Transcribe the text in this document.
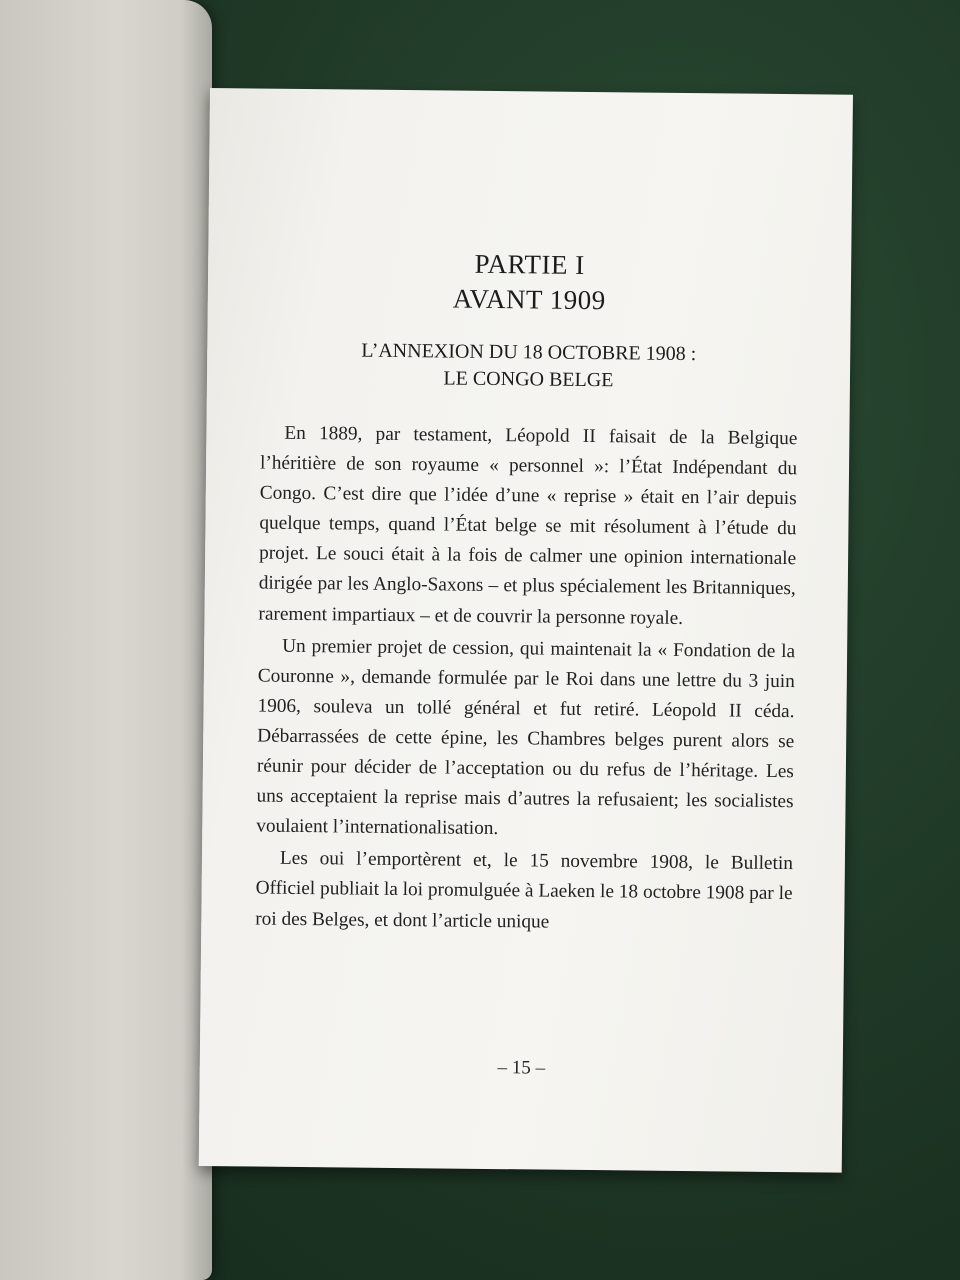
​
PARTIE I
AVANT 1909
L’ANNEXION DU 18 OCTOBRE 1908 :
LE CONGO BELGE

En 1889, par testament, Léopold II faisait de la Belgique l’héritière de son royaume « personnel »: l’État Indépendant du Congo. C’est dire que l’idée d’une « reprise » était en l’air depuis quelque temps, quand l’État belge se mit résolument à l’étude du projet. Le souci était à la fois de calmer une opinion internationale dirigée par les Anglo-Saxons – et plus spécialement les Britanniques, rarement impartiaux – et de couvrir la personne royale.

Un premier projet de cession, qui maintenait la « Fondation de la Couronne », demande formulée par le Roi dans une lettre du 3 juin 1906, souleva un tollé général et fut retiré. Léopold II céda. Débarrassées de cette épine, les Chambres belges purent alors se réunir pour décider de l’acceptation ou du refus de l’héritage. Les uns acceptaient la reprise mais d’autres la refusaient; les socialistes voulaient l’internationalisation.

Les oui l’emportèrent et, le 15 novembre 1908, le Bulletin Officiel publiait la loi promulguée à Laeken le 18 octobre 1908 par le roi des Belges, et dont l’article unique

– 15 –
